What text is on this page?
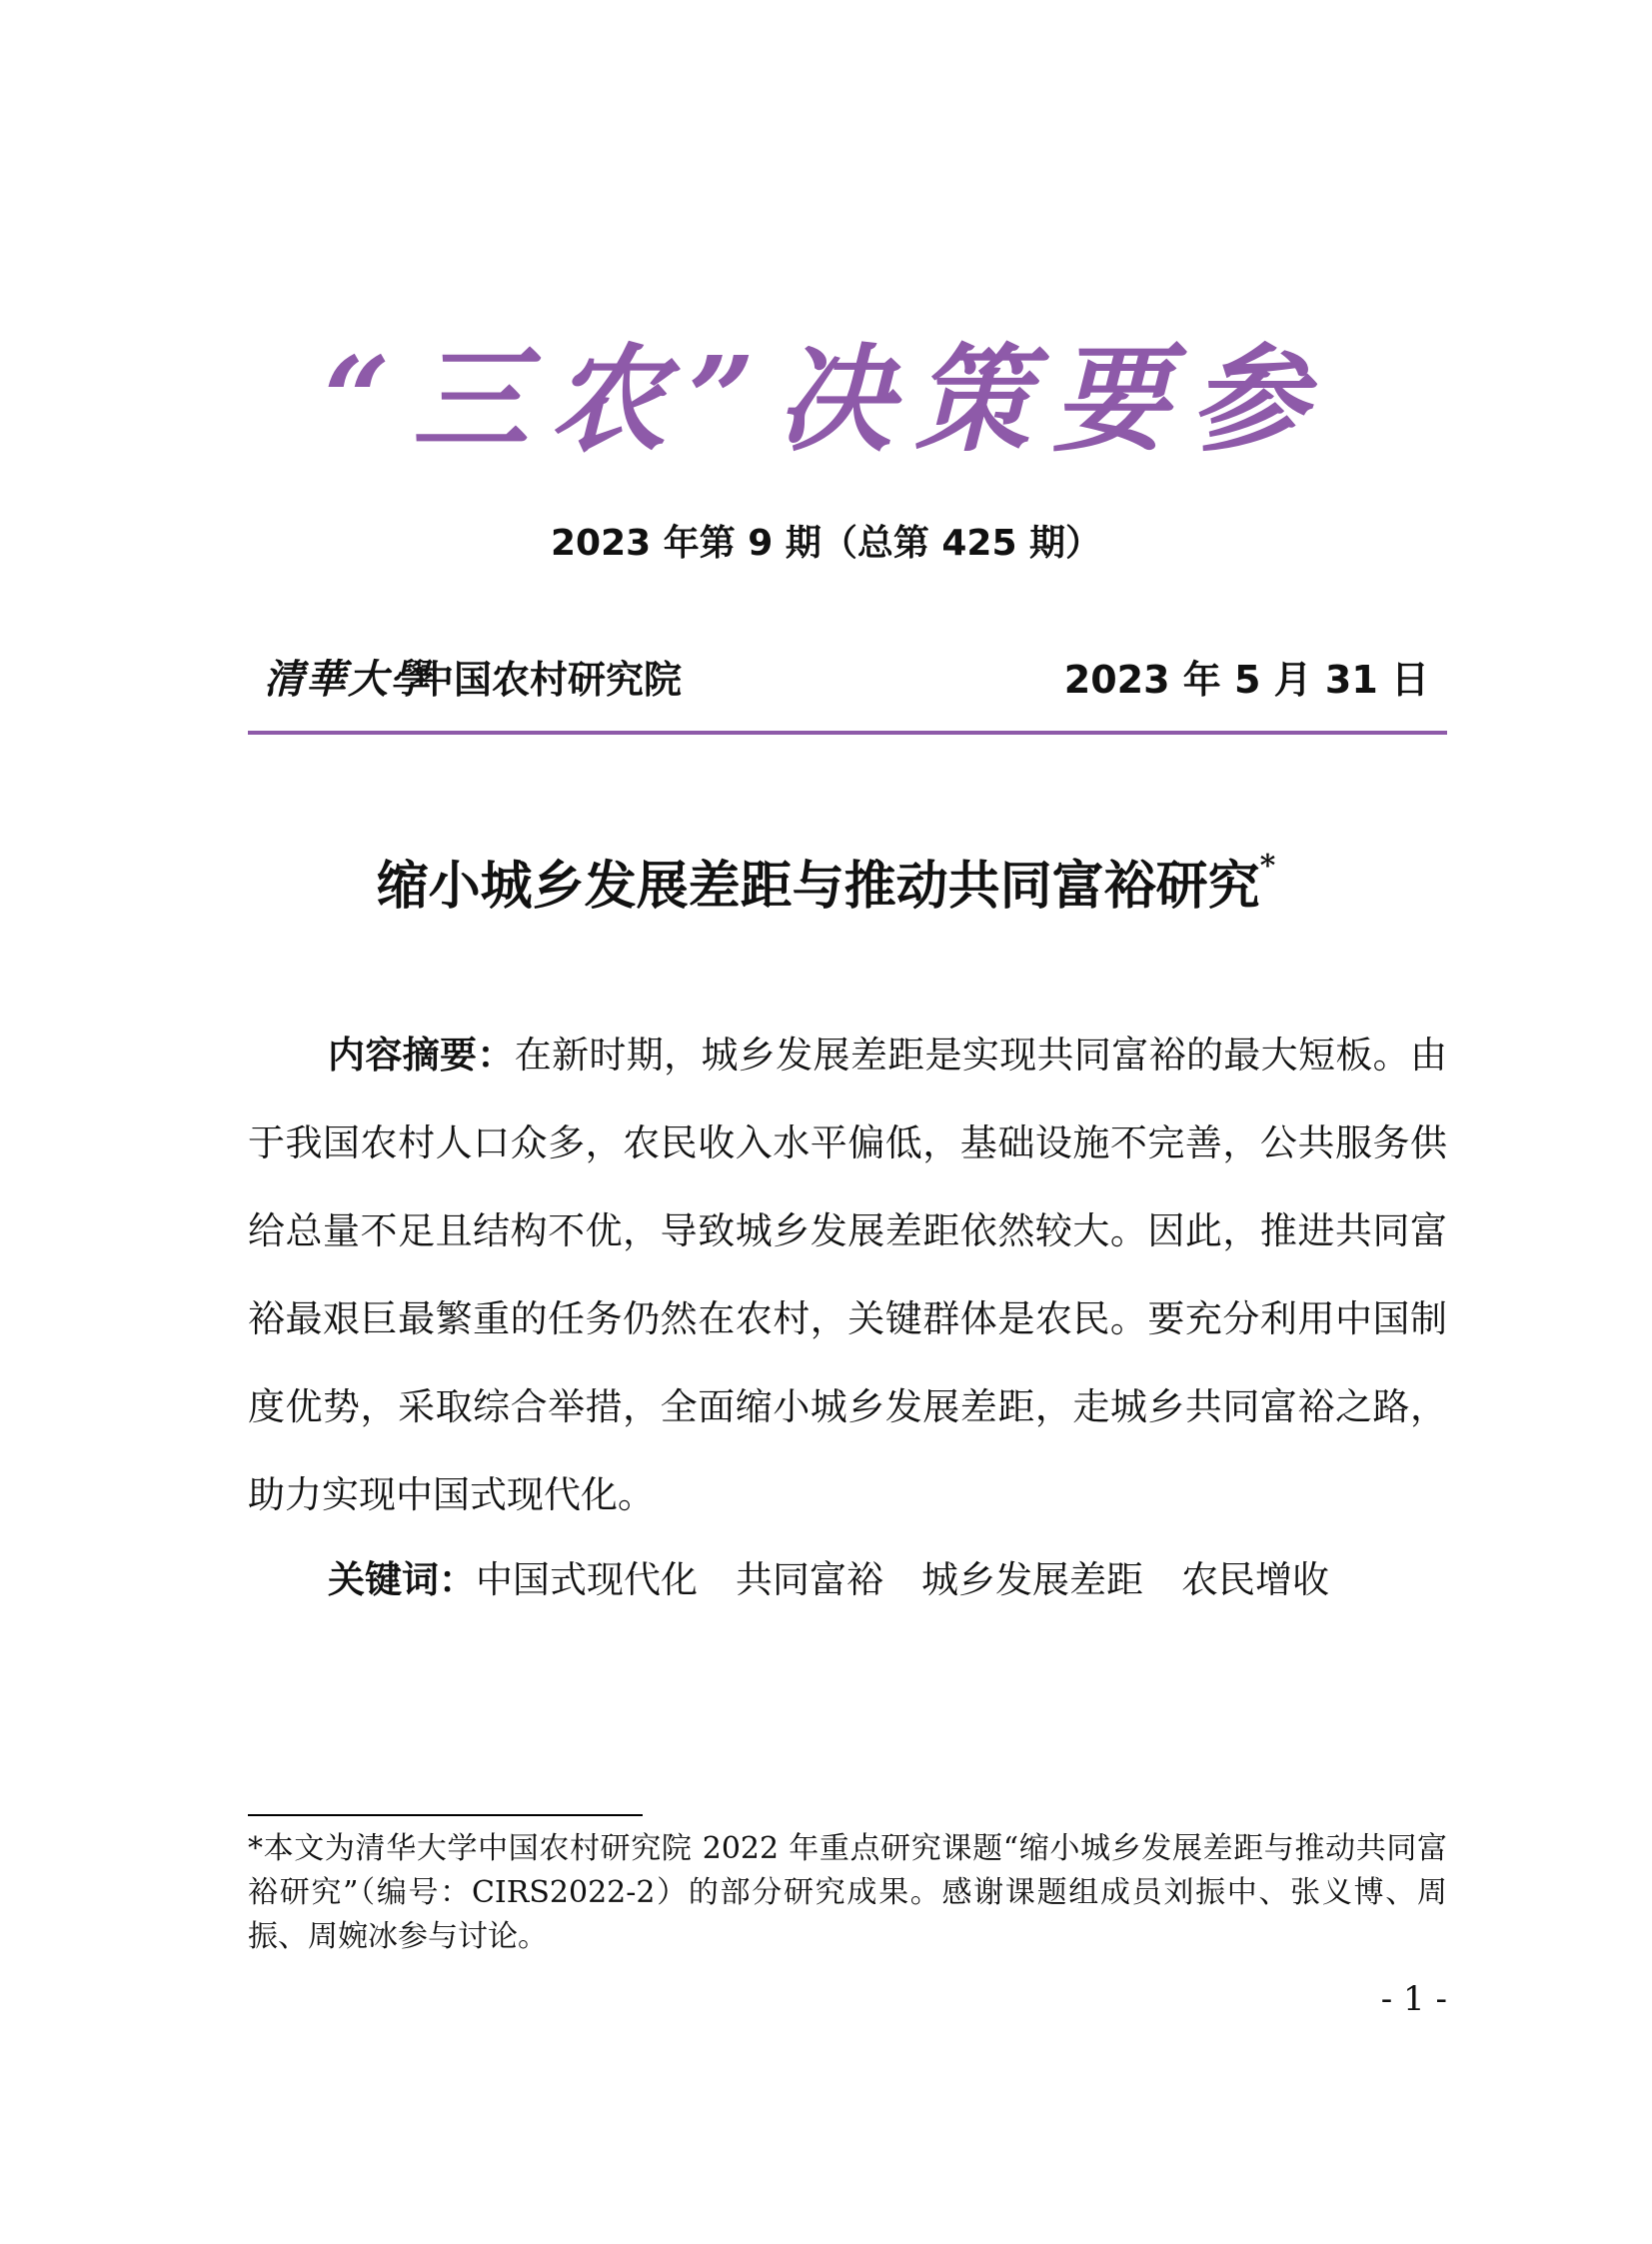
“三农”决策要参
2023 年第 9 期（总第 425 期）
清華大學
中国农村研究院	2023 年 5 月 31 日
缩小城乡发展差距与推动共同富裕研究*

内容摘要：在新时期，城乡发展差距是实现共同富裕的最大短板。由于我国农村人口众多，农民收入水平偏低，基础设施不完善，公共服务供给总量不足且结构不优，导致城乡发展差距依然较大。因此，推进共同富裕最艰巨最繁重的任务仍然在农村，关键群体是农民。要充分利用中国制度优势，采取综合举措，全面缩小城乡发展差距，走城乡共同富裕之路，助力实现中国式现代化。

关键词：中国式现代化 共同富裕 城乡发展差距 农民增收

*本文为清华大学中国农村研究院 2022 年重点研究课题“缩小城乡发展差距与推动共同富裕研究”（编号：CIRS2022-2）的部分研究成果。感谢课题组成员刘振中、张义博、周振、周婉冰参与讨论。

- 1 -
